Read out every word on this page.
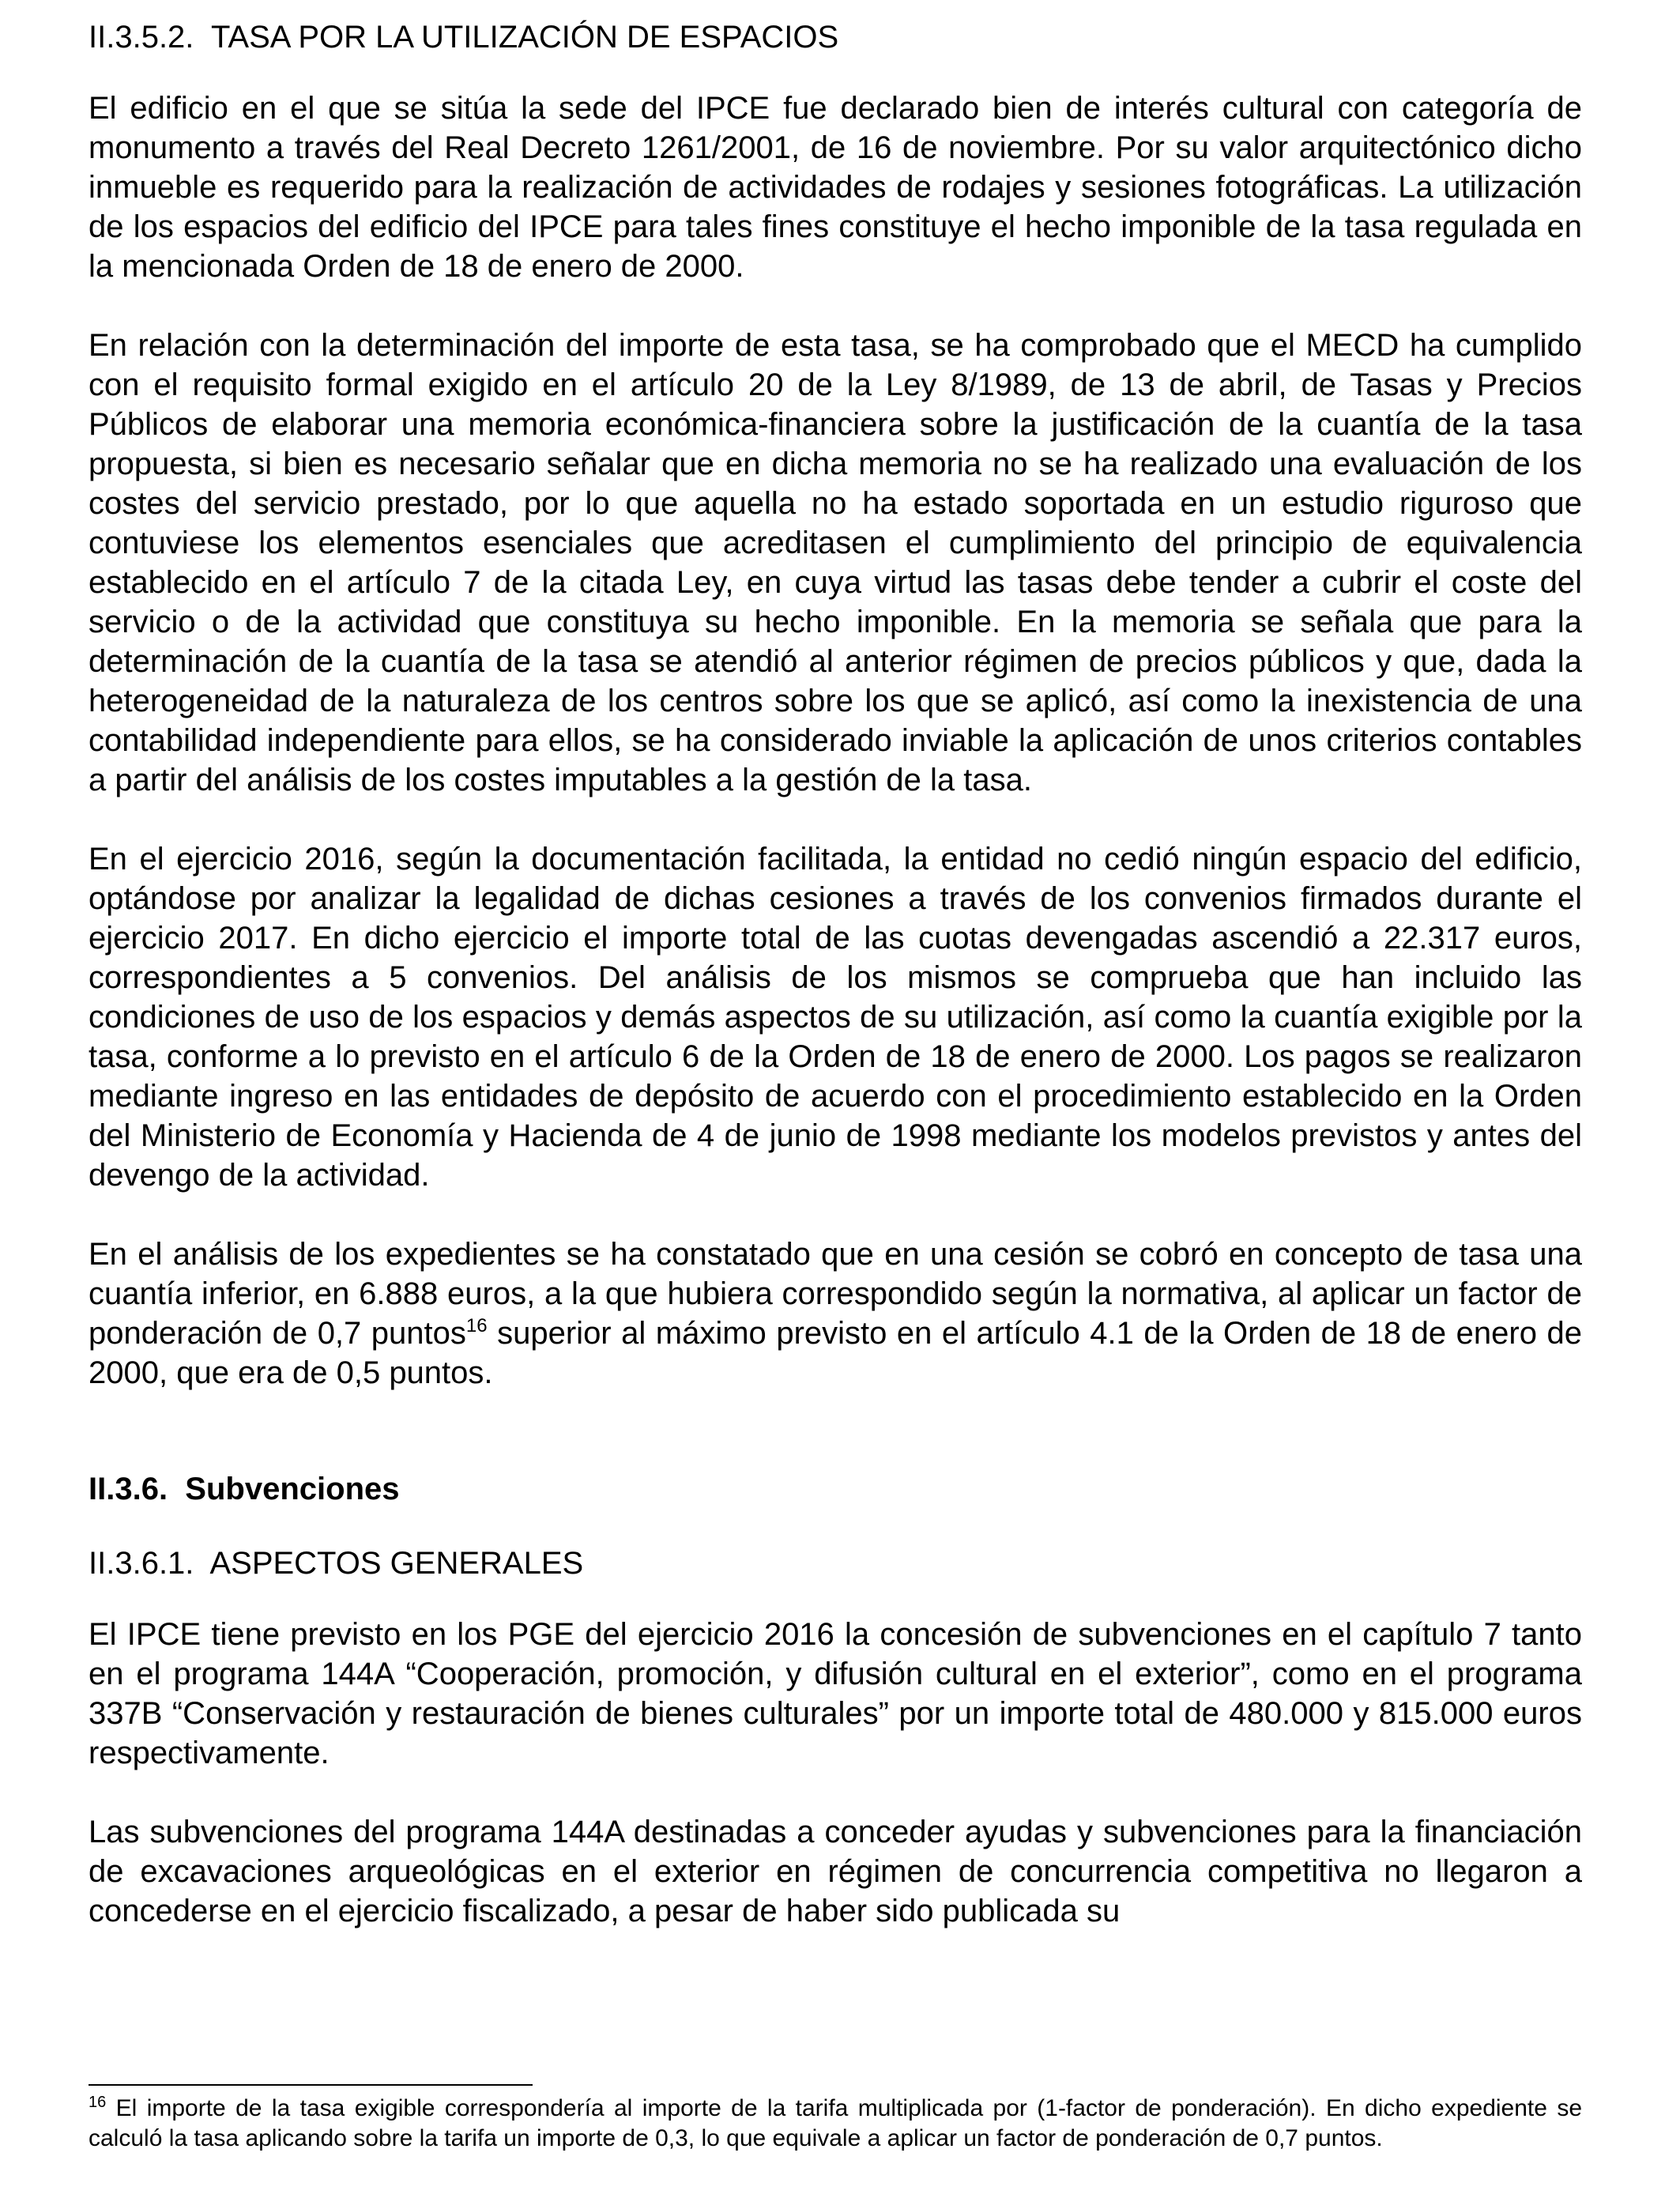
II.3.5.2. TASA POR LA UTILIZACIÓN DE ESPACIOS

El edificio en el que se sitúa la sede del IPCE fue declarado bien de interés cultural con categoría de monumento a través del Real Decreto 1261/2001, de 16 de noviembre. Por su valor arquitectónico dicho inmueble es requerido para la realización de actividades de rodajes y sesiones fotográficas. La utilización de los espacios del edificio del IPCE para tales fines constituye el hecho imponible de la tasa regulada en la mencionada Orden de 18 de enero de 2000.

En relación con la determinación del importe de esta tasa, se ha comprobado que el MECD ha cumplido con el requisito formal exigido en el artículo 20 de la Ley 8/1989, de 13 de abril, de Tasas y Precios Públicos de elaborar una memoria económica-financiera sobre la justificación de la cuantía de la tasa propuesta, si bien es necesario señalar que en dicha memoria no se ha realizado una evaluación de los costes del servicio prestado, por lo que aquella no ha estado soportada en un estudio riguroso que contuviese los elementos esenciales que acreditasen el cumplimiento del principio de equivalencia establecido en el artículo 7 de la citada Ley, en cuya virtud las tasas debe tender a cubrir el coste del servicio o de la actividad que constituya su hecho imponible. En la memoria se señala que para la determinación de la cuantía de la tasa se atendió al anterior régimen de precios públicos y que, dada la heterogeneidad de la naturaleza de los centros sobre los que se aplicó, así como la inexistencia de una contabilidad independiente para ellos, se ha considerado inviable la aplicación de unos criterios contables a partir del análisis de los costes imputables a la gestión de la tasa.

En el ejercicio 2016, según la documentación facilitada, la entidad no cedió ningún espacio del edificio, optándose por analizar la legalidad de dichas cesiones a través de los convenios firmados durante el ejercicio 2017. En dicho ejercicio el importe total de las cuotas devengadas ascendió a 22.317 euros, correspondientes a 5 convenios. Del análisis de los mismos se comprueba que han incluido las condiciones de uso de los espacios y demás aspectos de su utilización, así como la cuantía exigible por la tasa, conforme a lo previsto en el artículo 6 de la Orden de 18 de enero de 2000. Los pagos se realizaron mediante ingreso en las entidades de depósito de acuerdo con el procedimiento establecido en la Orden del Ministerio de Economía y Hacienda de 4 de junio de 1998 mediante los modelos previstos y antes del devengo de la actividad.

En el análisis de los expedientes se ha constatado que en una cesión se cobró en concepto de tasa una cuantía inferior, en 6.888 euros, a la que hubiera correspondido según la normativa, al aplicar un factor de ponderación de 0,7 puntos$^{16}$ superior al máximo previsto en el artículo 4.1 de la Orden de 18 de enero de 2000, que era de 0,5 puntos.

II.3.6. Subvenciones

II.3.6.1. ASPECTOS GENERALES

El IPCE tiene previsto en los PGE del ejercicio 2016 la concesión de subvenciones en el capítulo 7 tanto en el programa 144A “Cooperación, promoción, y difusión cultural en el exterior”, como en el programa 337B “Conservación y restauración de bienes culturales” por un importe total de 480.000 y 815.000 euros respectivamente.

Las subvenciones del programa 144A destinadas a conceder ayudas y subvenciones para la financiación de excavaciones arqueológicas en el exterior en régimen de concurrencia competitiva no llegaron a concederse en el ejercicio fiscalizado, a pesar de haber sido publicada su

$^{16}$ El importe de la tasa exigible correspondería al importe de la tarifa multiplicada por (1-factor de ponderación). En dicho expediente se calculó la tasa aplicando sobre la tarifa un importe de 0,3, lo que equivale a aplicar un factor de ponderación de 0,7 puntos.
